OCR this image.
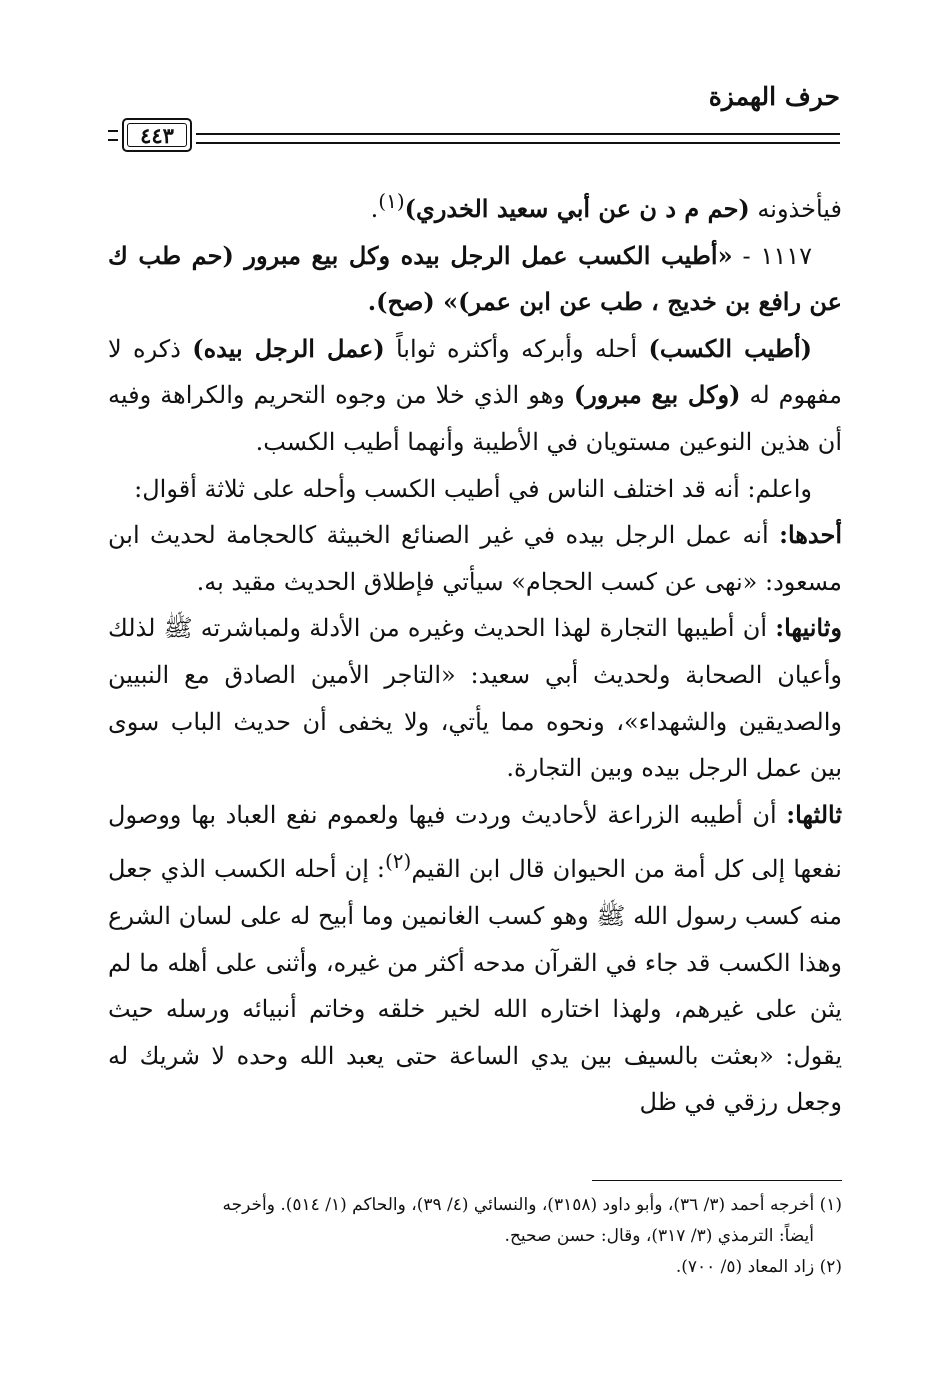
حرف الهمزة
٤٤٣

فيأخذونه (حم م د ن عن أبي سعيد الخدري)$^{(١)}$.

١١١٧ - «أطيب الكسب عمل الرجل بيده وكل بيع مبرور (حم طب ك عن رافع بن خديج ، طب عن ابن عمر)» (صح).

(أطيب الكسب) أحله وأبركه وأكثره ثواباً (عمل الرجل بيده) ذكره لا مفهوم له (وكل بيع مبرور) وهو الذي خلا من وجوه التحريم والكراهة وفيه أن هذين النوعين مستويان في الأطيبة وأنهما أطيب الكسب.

واعلم: أنه قد اختلف الناس في أطيب الكسب وأحله على ثلاثة أقوال:

أحدها: أنه عمل الرجل بيده في غير الصنائع الخبيثة كالحجامة لحديث ابن مسعود: «نهى عن كسب الحجام» سيأتي فإطلاق الحديث مقيد به.

وثانيها: أن أطيبها التجارة لهذا الحديث وغيره من الأدلة ولمباشرته ﷺ لذلك وأعيان الصحابة ولحديث أبي سعيد: «التاجر الأمين الصادق مع النبيين والصديقين والشهداء»، ونحوه مما يأتي، ولا يخفى أن حديث الباب سوى بين عمل الرجل بيده وبين التجارة.

ثالثها: أن أطيبه الزراعة لأحاديث وردت فيها ولعموم نفع العباد بها ووصول نفعها إلى كل أمة من الحيوان قال ابن القيم$^{(٢)}$: إن أحله الكسب الذي جعل منه كسب رسول الله ﷺ وهو كسب الغانمين وما أبيح له على لسان الشرع وهذا الكسب قد جاء في القرآن مدحه أكثر من غيره، وأثنى على أهله ما لم يثن على غيرهم، ولهذا اختاره الله لخير خلقه وخاتم أنبيائه ورسله حيث يقول: «بعثت بالسيف بين يدي الساعة حتى يعبد الله وحده لا شريك له وجعل رزقي في ظل

(١) أخرجه أحمد (٣/ ٣٦)، وأبو داود (٣١٥٨)، والنسائي (٤/ ٣٩)، والحاكم (١/ ٥١٤). وأخرجه

أيضاً: الترمذي (٣/ ٣١٧)، وقال: حسن صحيح.

(٢) زاد المعاد (٥/ ٧٠٠).
